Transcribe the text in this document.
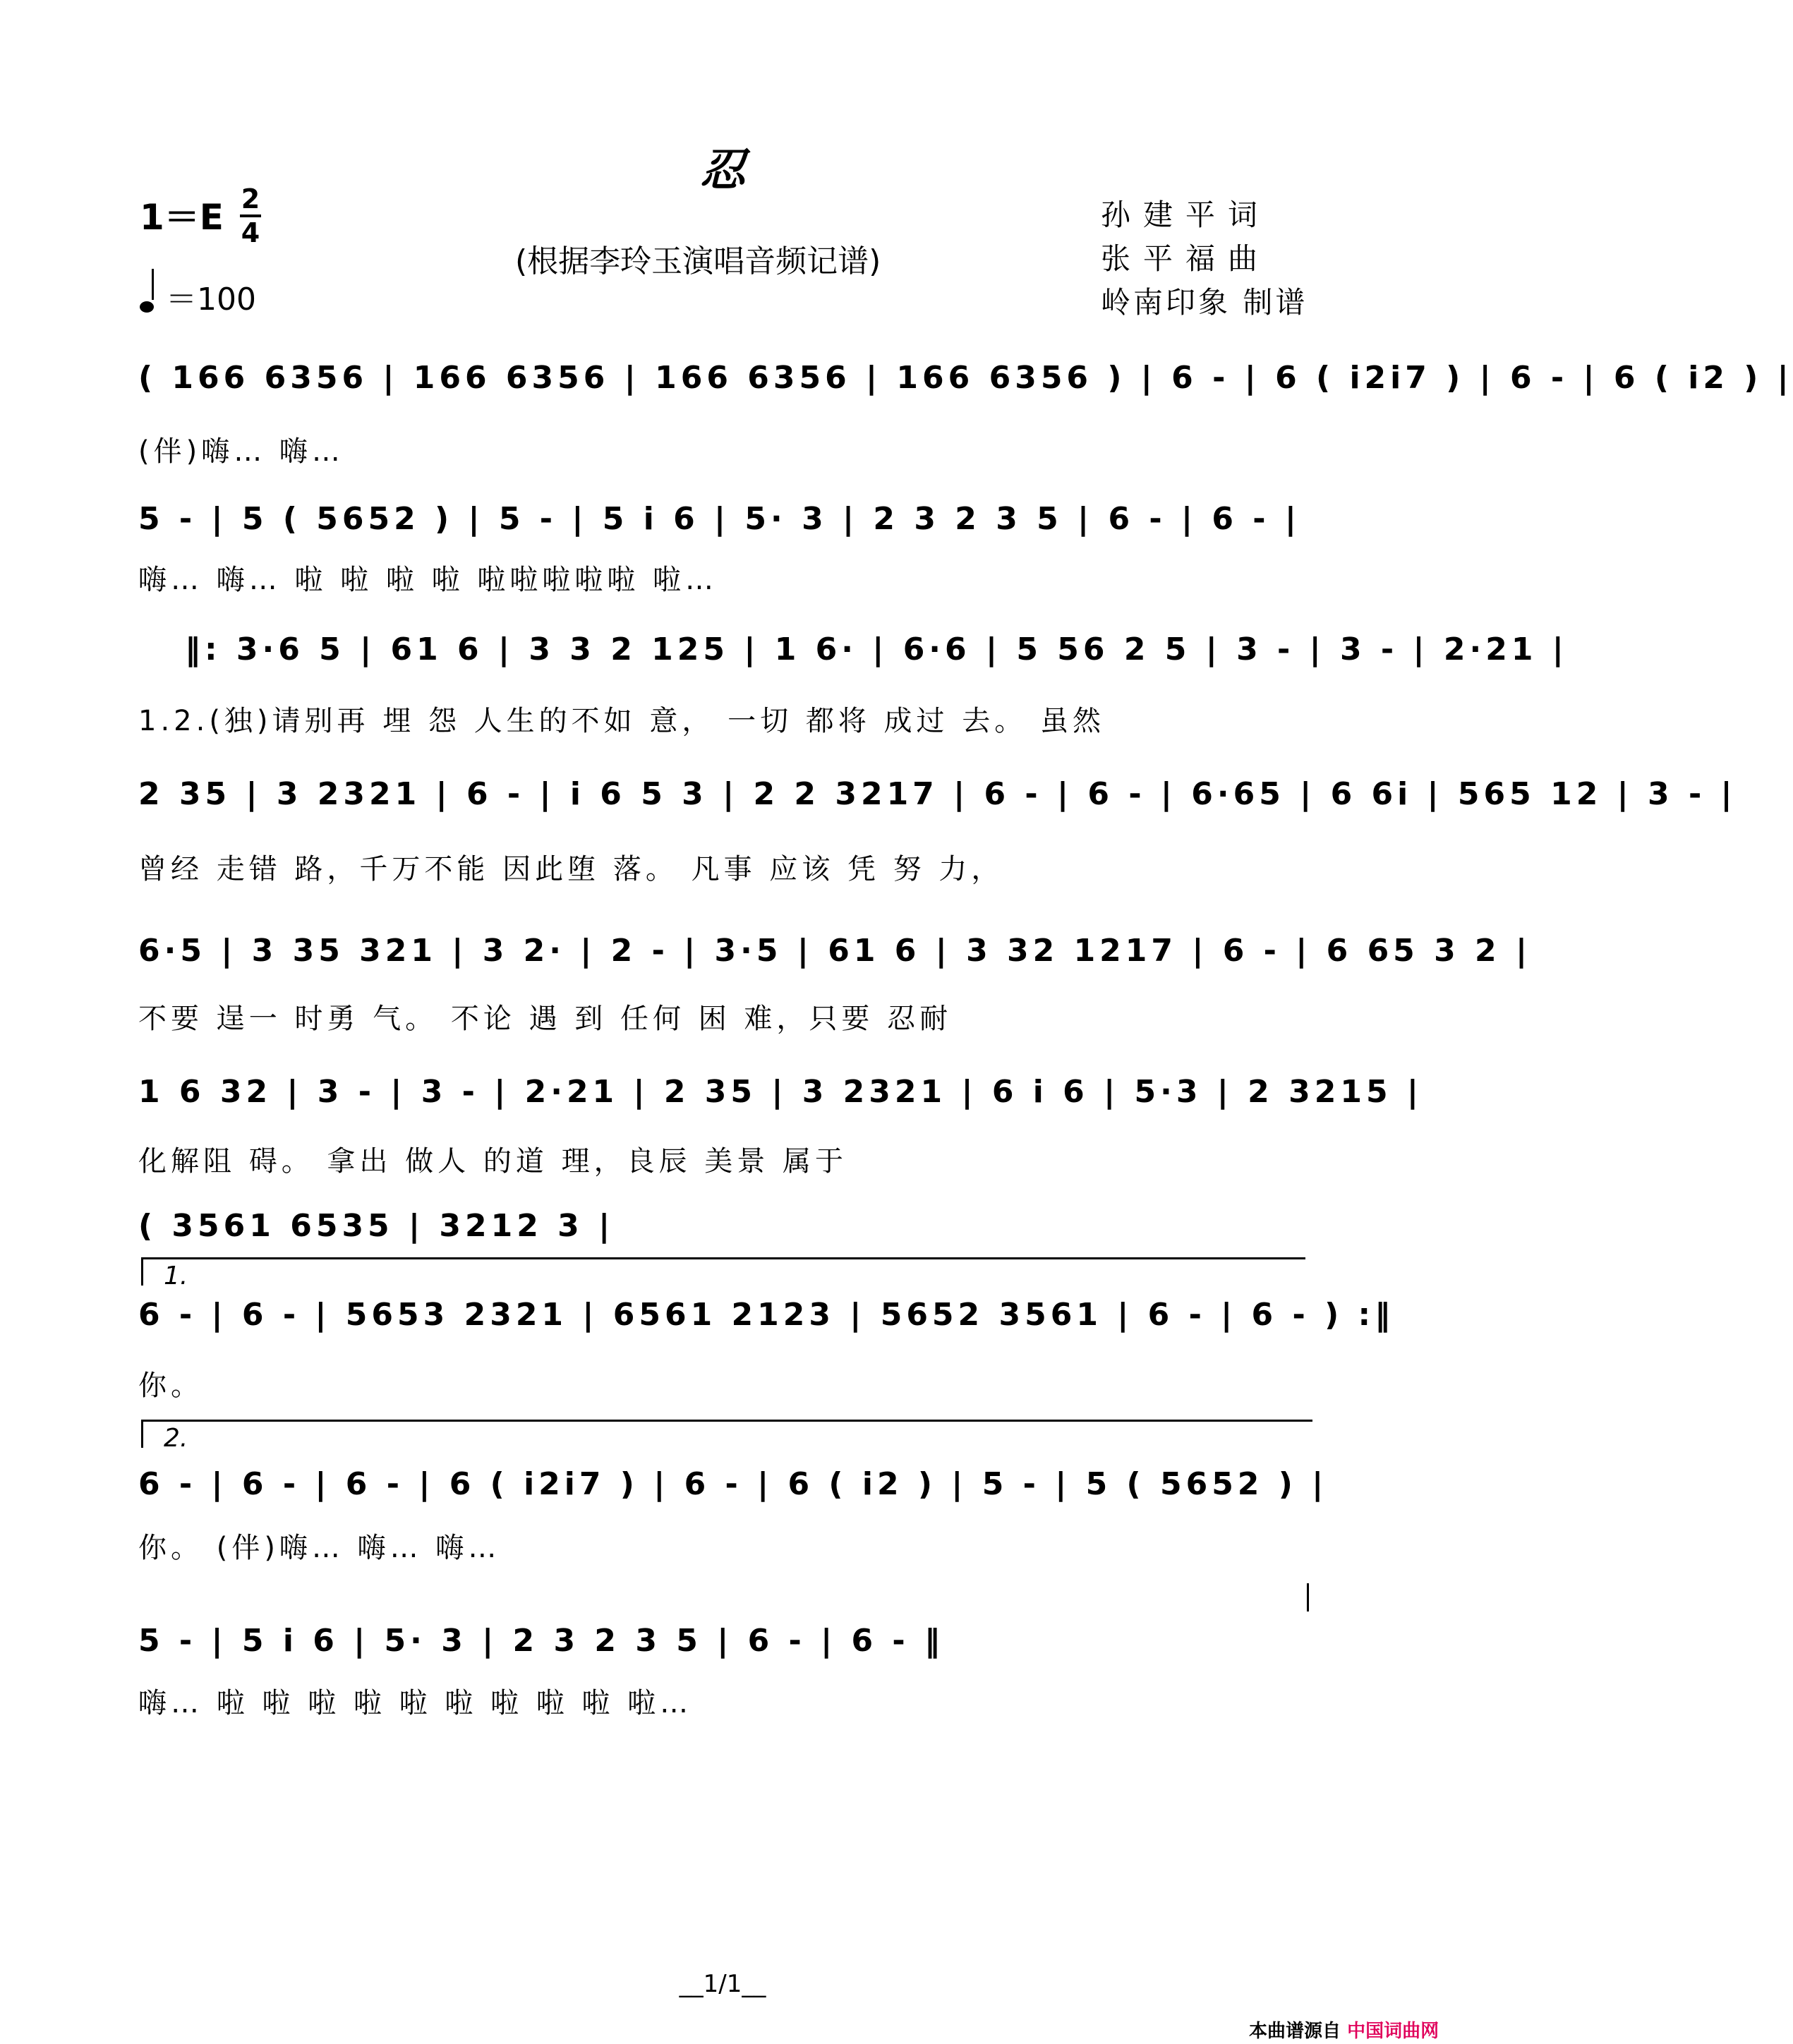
忍
1＝E 2
4
＝100
(根据李玲玉演唱音频记谱)
孙建平词
张平福曲
岭南印象 制谱
( 166 6356 | 166 6356 | 166 6356 | 166 6356 ) | 6 - | 6 ( i2i7 ) | 6 - | 6 ( i2 ) |
(伴)嗨… 嗨…
5 - | 5 ( 5652 ) | 5 - | 5 i 6 | 5· 3 | 2 3 2 3 5 | 6 - | 6 - |
嗨… 嗨… 啦 啦 啦 啦 啦啦啦啦啦 啦…
‖: 3·6 5 | 61 6 | 3 3 2 125 | 1 6· | 6·6 | 5 56 2 5 | 3 - | 3 - | 2·21 |
1.2.(独)请别再 埋 怨 人生的不如 意， 一切 都将 成过 去。 虽然
2 35 | 3 2321 | 6 - | i 6 5 3 | 2 2 3217 | 6 - | 6 - | 6·65 | 6 6i | 565 12 | 3 - |
曾经 走错 路，千万不能 因此堕 落。 凡事 应该 凭 努 力，
6·5 | 3 35 321 | 3 2· | 2 - | 3·5 | 61 6 | 3 32 1217 | 6 - | 6 65 3 2 |
不要 逞一 时勇 气。 不论 遇 到 任何 困 难，只要 忍耐
1 6 32 | 3 - | 3 - | 2·21 | 2 35 | 3 2321 | 6 i 6 | 5·3 | 2 3215 |
化解阻 碍。 拿出 做人 的道 理，良辰 美景 属于
( 3561 6535 | 3212 3 |
1.
6 - | 6 - | 5653 2321 | 6561 2123 | 5652 3561 | 6 - | 6 - ) :‖
你。
2.
6 - | 6 - | 6 - | 6 ( i2i7 ) | 6 - | 6 ( i2 ) | 5 - | 5 ( 5652 ) |
你。 (伴)嗨… 嗨… 嗨…
5 - | 5 i 6 | 5· 3 | 2 3 2 3 5 | 6 - | 6 - ‖
嗨… 啦 啦 啦 啦 啦 啦 啦 啦 啦 啦…
__1/1__
本曲谱源自 中国词曲网
